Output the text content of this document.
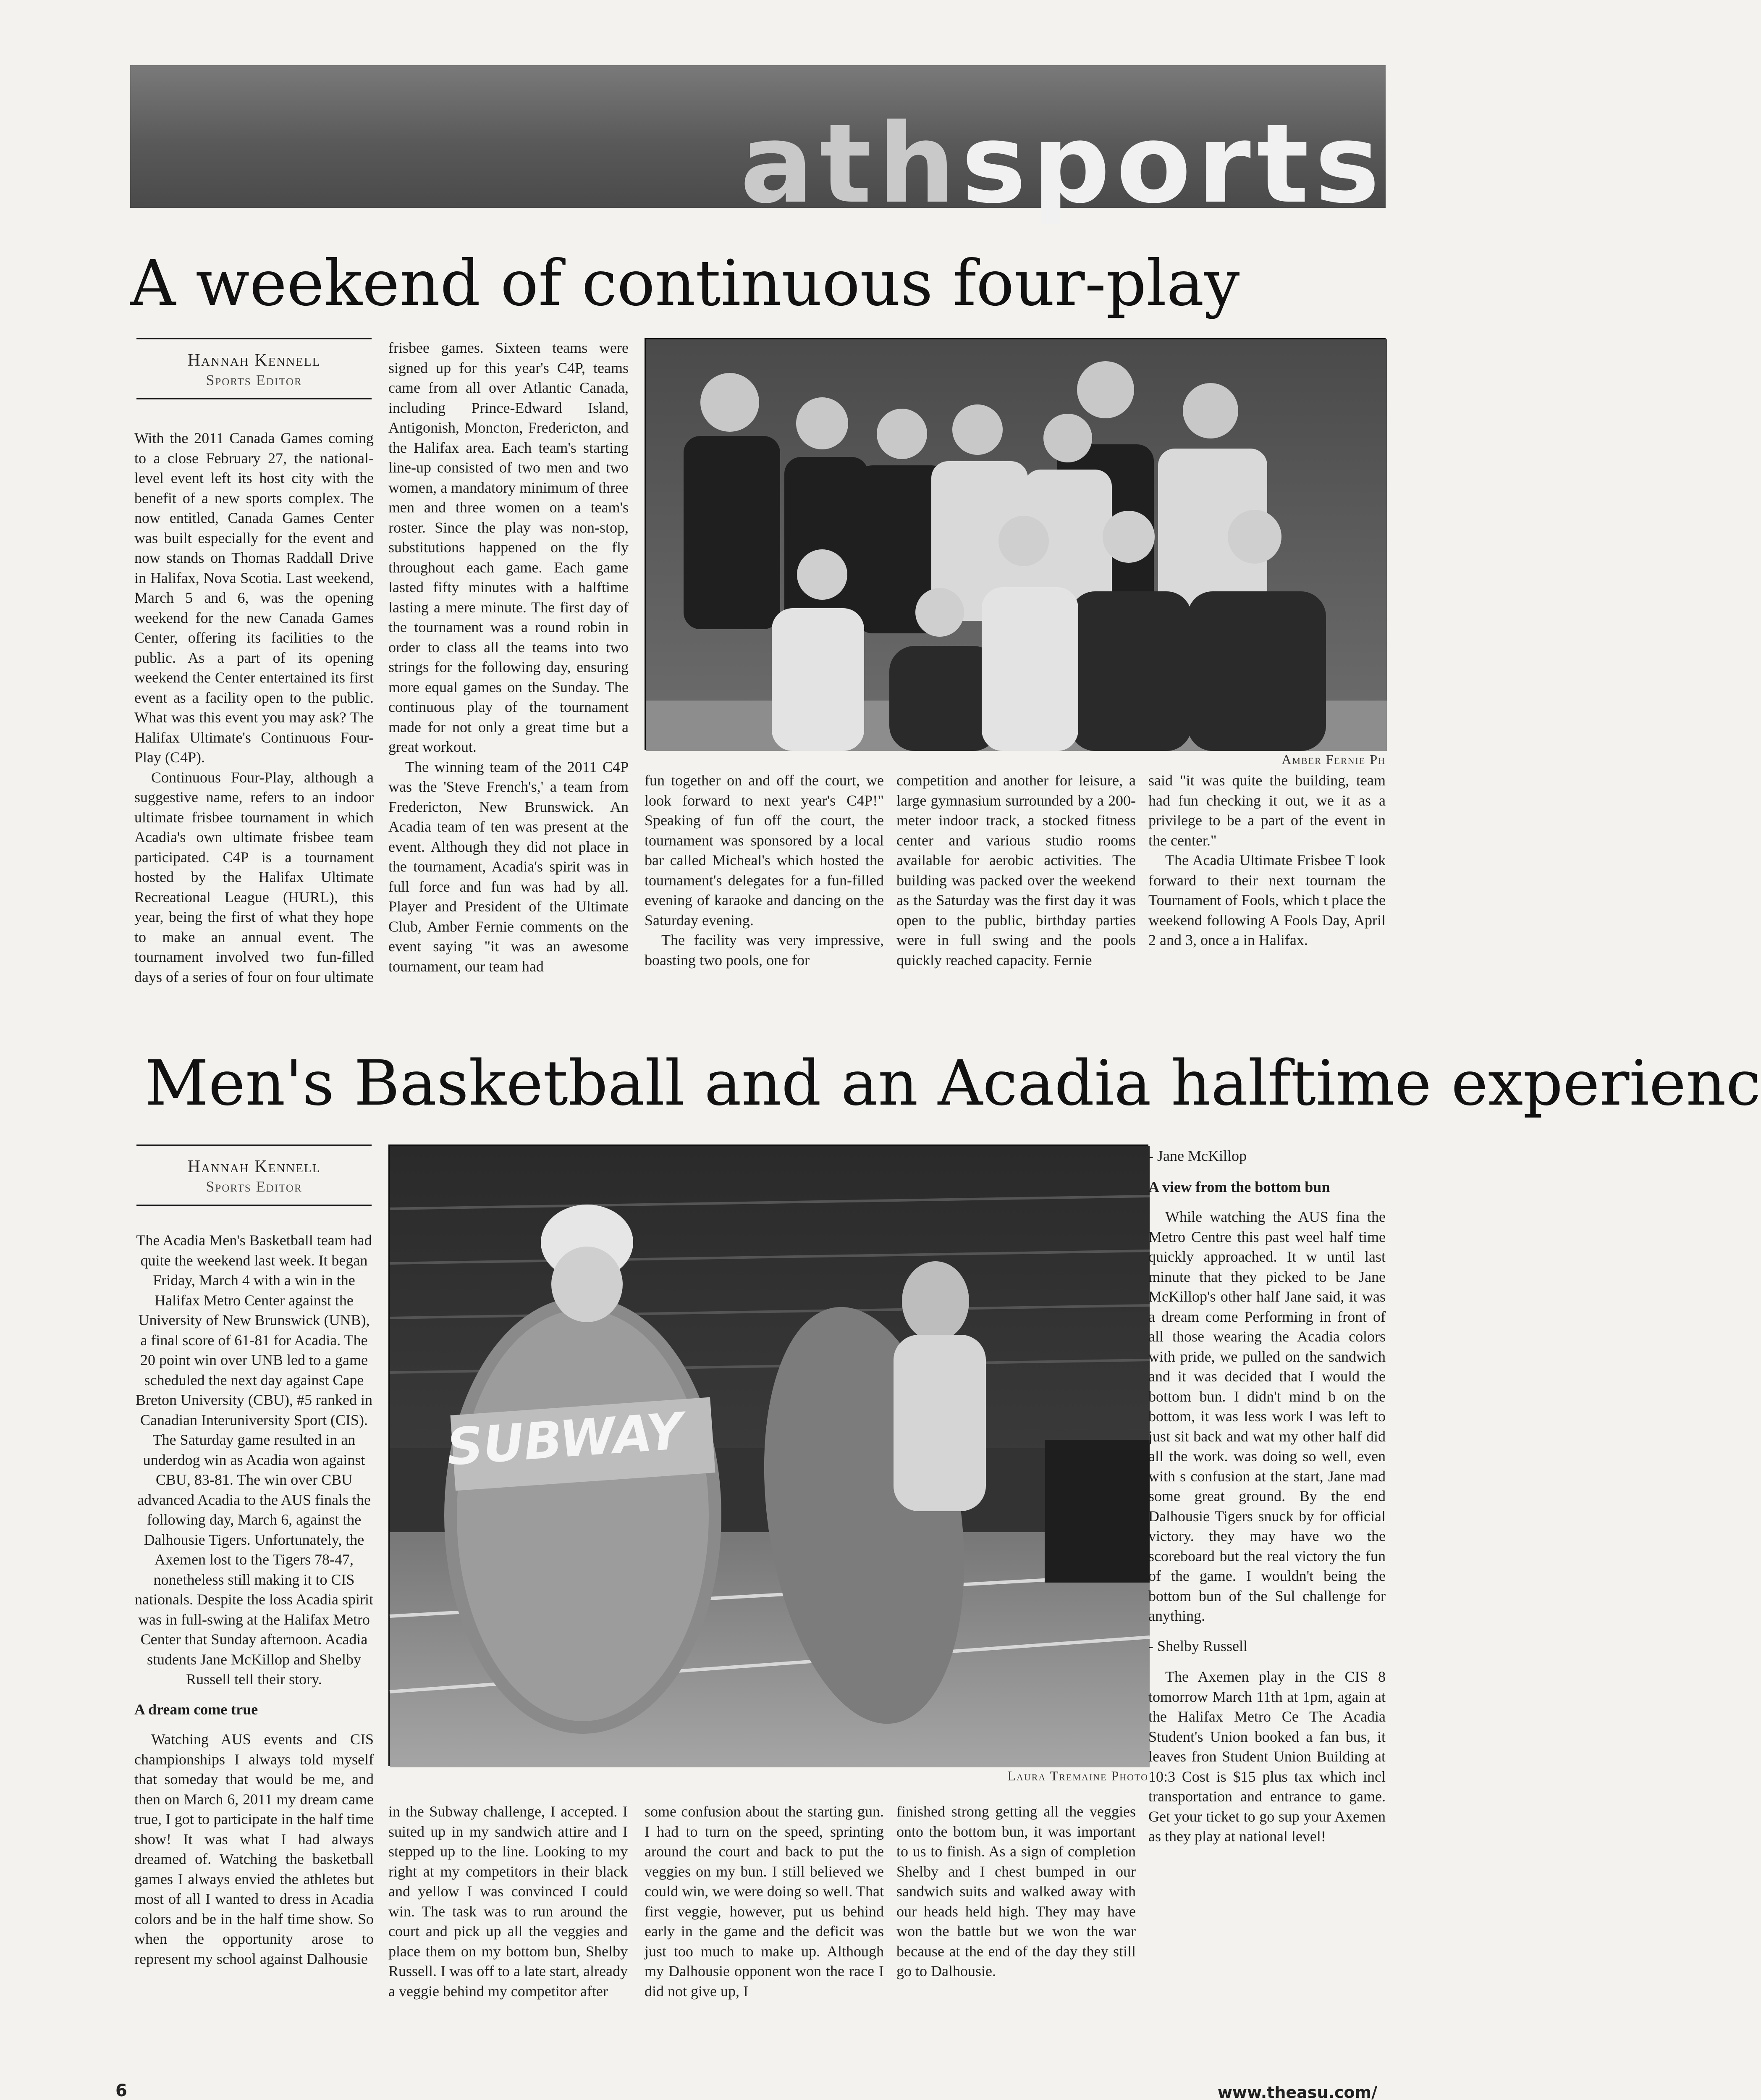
athsports
A weekend of continuous four-play
Hannah Kennell
Sports Editor

With the 2011 Canada Games coming to a close February 27, the national-level event left its host city with the benefit of a new sports complex. The now entitled, Canada Games Center was built especially for the event and now stands on Thomas Raddall Drive in Halifax, Nova Scotia. Last weekend, March 5 and 6, was the opening weekend for the new Canada Games Center, offering its facilities to the public. As a part of its opening weekend the Center entertained its first event as a facility open to the public. What was this event you may ask? The Halifax Ultimate's Continuous Four-Play (C4P).

Continuous Four-Play, although a suggestive name, refers to an indoor ultimate frisbee tournament in which Acadia's own ultimate frisbee team participated. C4P is a tournament hosted by the Halifax Ultimate Recreational League (HURL), this year, being the first of what they hope to make an annual event. The tournament involved two fun-filled days of a series of four on four ultimate

frisbee games. Sixteen teams were signed up for this year's C4P, teams came from all over Atlantic Canada, including Prince-Edward Island, Antigonish, Moncton, Fredericton, and the Halifax area. Each team's starting line-up consisted of two men and two women, a mandatory minimum of three men and three women on a team's roster. Since the play was non-stop, substitutions happened on the fly throughout each game. Each game lasted fifty minutes with a halftime lasting a mere minute. The first day of the tournament was a round robin in order to class all the teams into two strings for the following day, ensuring more equal games on the Sunday. The continuous play of the tournament made for not only a great time but a great workout.

The winning team of the 2011 C4P was the 'Steve French's,' a team from Fredericton, New Brunswick. An Acadia team of ten was present at the event. Although they did not place in the tournament, Acadia's spirit was in full force and fun was had by all. Player and President of the Ultimate Club, Amber Fernie comments on the event saying "it was an awesome tournament, our team had

Amber Fernie Ph

fun together on and off the court, we look forward to next year's C4P!" Speaking of fun off the court, the tournament was sponsored by a local bar called Micheal's which hosted the tournament's delegates for a fun-filled evening of karaoke and dancing on the Saturday evening.

The facility was very impressive, boasting two pools, one for

competition and another for leisure, a large gymnasium surrounded by a 200-meter indoor track, a stocked fitness center and various studio rooms available for aerobic activities. The building was packed over the weekend as the Saturday was the first day it was open to the public, birthday parties were in full swing and the pools quickly reached capacity. Fernie

said "it was quite the building, team had fun checking it out, we it as a privilege to be a part of the event in the center."

The Acadia Ultimate Frisbee T look forward to their next tournam the Tournament of Fools, which t place the weekend following A Fools Day, April 2 and 3, once a in Halifax.

Men's Basketball and an Acadia halftime experienc
Hannah Kennell
Sports Editor

The Acadia Men's Basketball team had quite the weekend last week. It began Friday, March 4 with a win in the Halifax Metro Center against the University of New Brunswick (UNB), a final score of 61-81 for Acadia. The 20 point win over UNB led to a game scheduled the next day against Cape Breton University (CBU), #5 ranked in Canadian Interuniversity Sport (CIS). The Saturday game resulted in an underdog win as Acadia won against CBU, 83-81. The win over CBU advanced Acadia to the AUS finals the following day, March 6, against the Dalhousie Tigers. Unfortunately, the Axemen lost to the Tigers 78-47, nonetheless still making it to CIS nationals. Despite the loss Acadia spirit was in full-swing at the Halifax Metro Center that Sunday afternoon. Acadia students Jane McKillop and Shelby Russell tell their story.

A dream come true

Watching AUS events and CIS championships I always told myself that someday that would be me, and then on March 6, 2011 my dream came true, I got to participate in the half time show! It was what I had always dreamed of. Watching the basketball games I always envied the athletes but most of all I wanted to dress in Acadia colors and be in the half time show. So when the opportunity arose to represent my school against Dalhousie

SUBWAY
Laura Tremaine Photo

in the Subway challenge, I accepted. I suited up in my sandwich attire and I stepped up to the line. Looking to my right at my competitors in their black and yellow I was convinced I could win. The task was to run around the court and pick up all the veggies and place them on my bottom bun, Shelby Russell. I was off to a late start, already a veggie behind my competitor after

some confusion about the starting gun. I had to turn on the speed, sprinting around the court and back to put the veggies on my bun. I still believed we could win, we were doing so well. That first veggie, however, put us behind early in the game and the deficit was just too much to make up. Although my Dalhousie opponent won the race I did not give up, I

finished strong getting all the veggies onto the bottom bun, it was important to us to finish. As a sign of completion Shelby and I chest bumped in our sandwich suits and walked away with our heads held high. They may have won the battle but we won the war because at the end of the day they still go to Dalhousie.

- Jane McKillop

A view from the bottom bun

While watching the AUS fina the Metro Centre this past weel half time quickly approached. It w until last minute that they picked to be Jane McKillop's other half Jane said, it was a dream come Performing in front of all those wearing the Acadia colors with pride, we pulled on the sandwich and it was decided that I would the bottom bun. I didn't mind b on the bottom, it was less work l was left to just sit back and wat my other half did all the work. was doing so well, even with s confusion at the start, Jane mad some great ground. By the end Dalhousie Tigers snuck by for official victory. they may have wo the scoreboard but the real victory the fun of the game. I wouldn't being the bottom bun of the Sul challenge for anything.

- Shelby Russell

The Axemen play in the CIS 8 tomorrow March 11th at 1pm, again at the Halifax Metro Ce The Acadia Student's Union booked a fan bus, it leaves fron Student Union Building at 10:3 Cost is $15 plus tax which incl transportation and entrance to game. Get your ticket to go sup your Axemen as they play at national level!

6	www.theasu.com/
